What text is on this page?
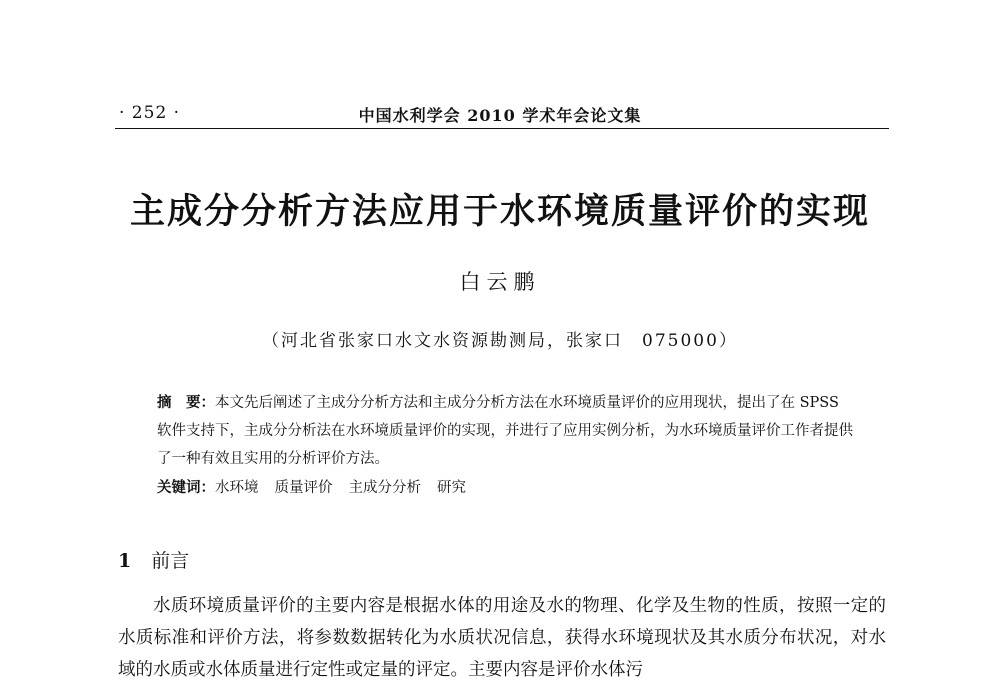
· 252 ·	中国水利学会 2010 学术年会论文集
主成分分析方法应用于水环境质量评价的实现
白云鹏
（河北省张家口水文水资源勘测局，张家口　075000）
摘　要：本文先后阐述了主成分分析方法和主成分分析方法在水环境质量评价的应用现状，提出了在 SPSS 软件支持下，主成分分析法在水环境质量评价的实现，并进行了应用实例分析，为水环境质量评价工作者提供了一种有效且实用的分析评价方法。
关键词：水环境 质量评价 主成分分析 研究
1 前言
水质环境质量评价的主要内容是根据水体的用途及水的物理、化学及生物的性质，按照一定的水质标准和评价方法，将参数数据转化为水质状况信息，获得水环境现状及其水质分布状况，对水域的水质或水体质量进行定性或定量的评定。主要内容是评价水体污
